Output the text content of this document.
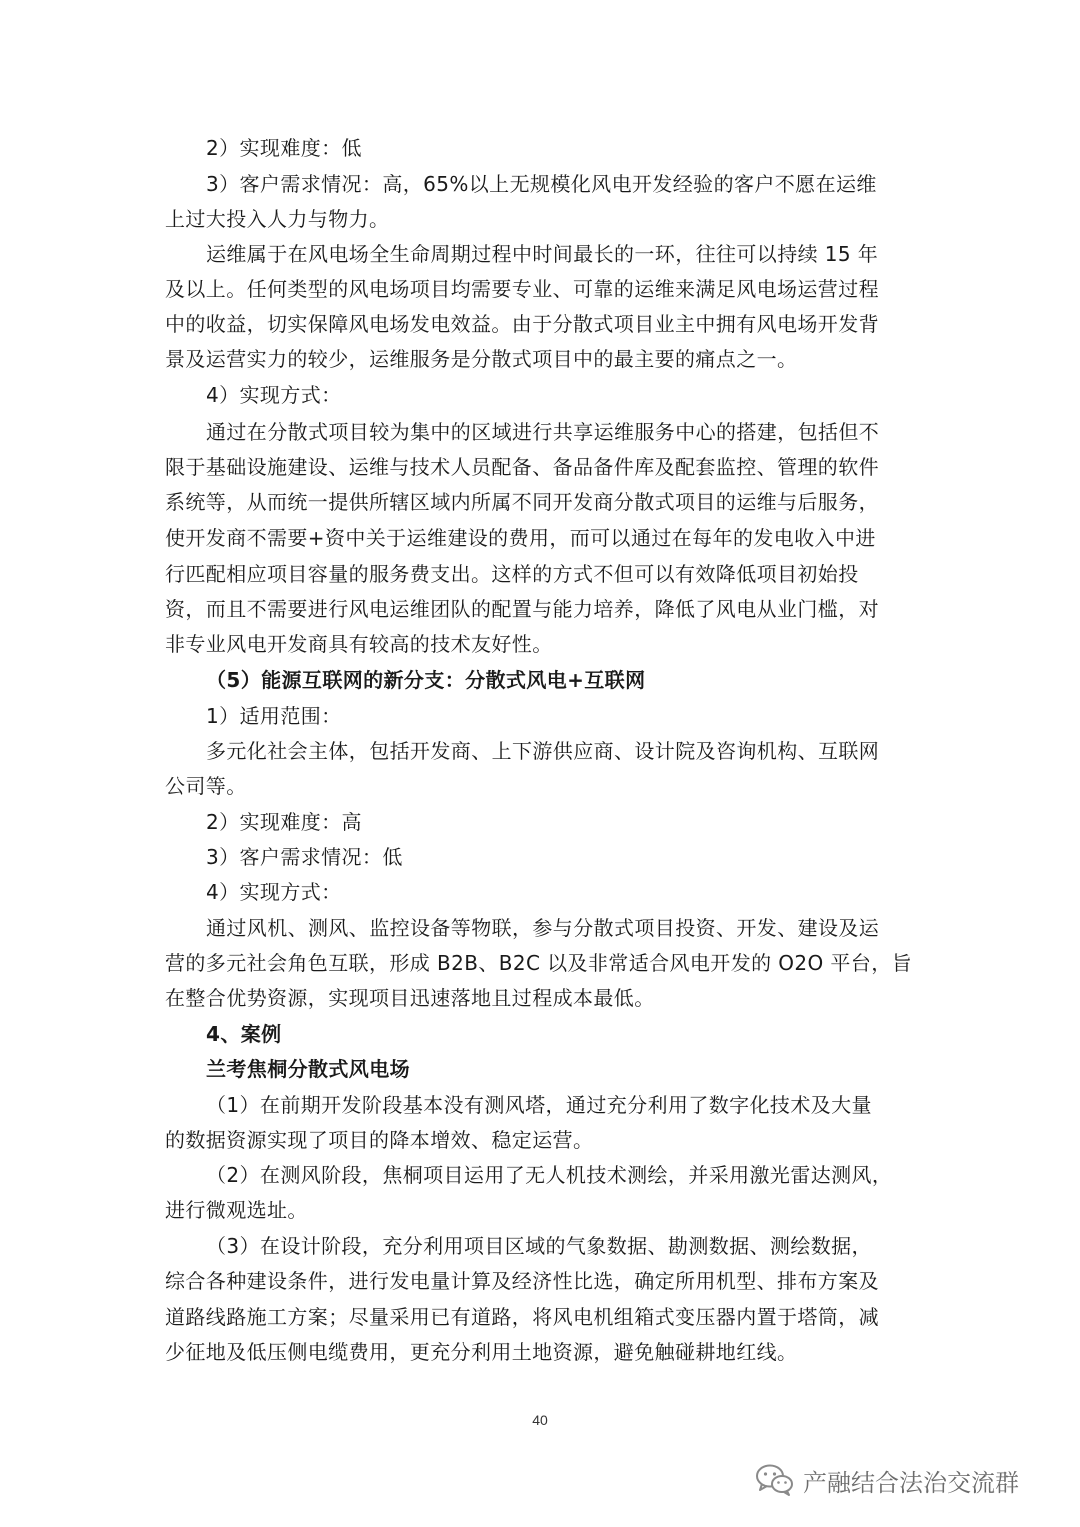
2）实现难度：低
3）客户需求情况：高，65%以上无规模化风电开发经验的客户不愿在运维
上过大投入人力与物力。
运维属于在风电场全生命周期过程中时间最长的一环，往往可以持续 15 年
及以上。任何类型的风电场项目均需要专业、可靠的运维来满足风电场运营过程
中的收益，切实保障风电场发电效益。由于分散式项目业主中拥有风电场开发背
景及运营实力的较少，运维服务是分散式项目中的最主要的痛点之一。
4）实现方式：
通过在分散式项目较为集中的区域进行共享运维服务中心的搭建，包括但不
限于基础设施建设、运维与技术人员配备、备品备件库及配套监控、管理的软件
系统等，从而统一提供所辖区域内所属不同开发商分散式项目的运维与后服务，
使开发商不需要+资中关于运维建设的费用，而可以通过在每年的发电收入中进
行匹配相应项目容量的服务费支出。这样的方式不但可以有效降低项目初始投
资，而且不需要进行风电运维团队的配置与能力培养，降低了风电从业门槛，对
非专业风电开发商具有较高的技术友好性。
（5）能源互联网的新分支：分散式风电+互联网
1）适用范围：
多元化社会主体，包括开发商、上下游供应商、设计院及咨询机构、互联网
公司等。
2）实现难度：高
3）客户需求情况：低
4）实现方式：
通过风机、测风、监控设备等物联，参与分散式项目投资、开发、建设及运
营的多元社会角色互联，形成 B2B、B2C 以及非常适合风电开发的 O2O 平台，旨
在整合优势资源，实现项目迅速落地且过程成本最低。
4、案例
兰考焦桐分散式风电场
（1）在前期开发阶段基本没有测风塔，通过充分利用了数字化技术及大量
的数据资源实现了项目的降本增效、稳定运营。
（2）在测风阶段，焦桐项目运用了无人机技术测绘，并采用激光雷达测风，
进行微观选址。
（3）在设计阶段，充分利用项目区域的气象数据、勘测数据、测绘数据，
综合各种建设条件，进行发电量计算及经济性比选，确定所用机型、排布方案及
道路线路施工方案；尽量采用已有道路，将风电机组箱式变压器内置于塔筒，减
少征地及低压侧电缆费用，更充分利用土地资源，避免触碰耕地红线。
40
产融结合法治交流群
